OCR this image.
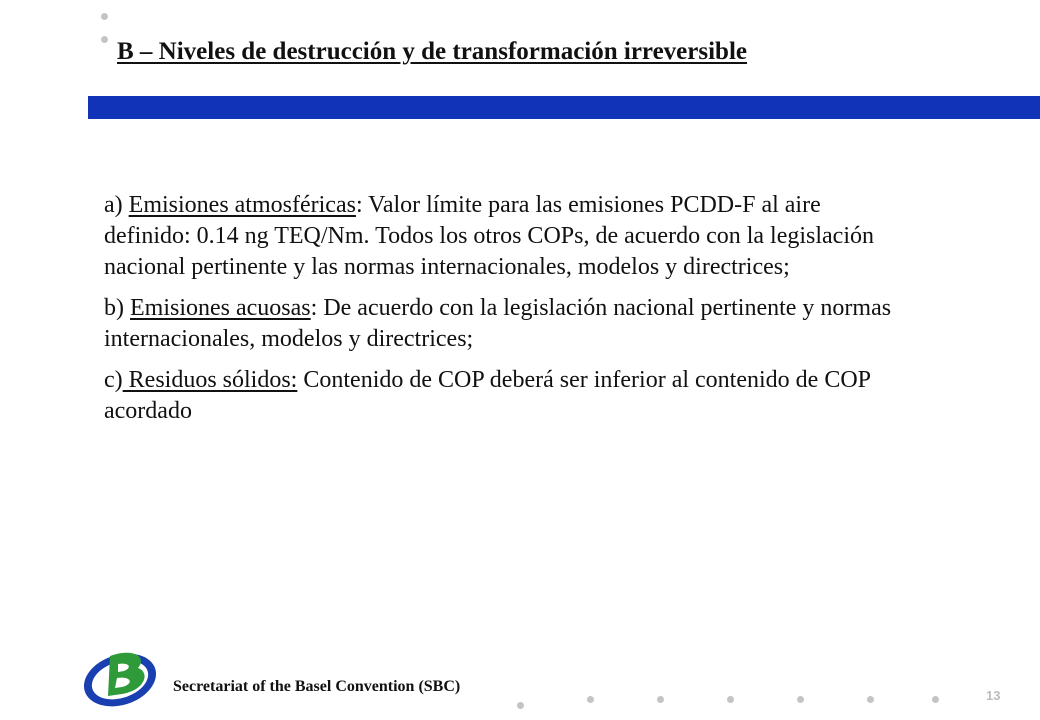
B – Niveles de destrucción y de transformación irreversible

a) Emisiones atmosféricas: Valor límite para las emisiones PCDD-F al aire definido: 0.14 ng TEQ/Nm. Todos los otros COPs, de acuerdo con la legislación nacional pertinente y las normas internacionales, modelos y directrices;

b) Emisiones acuosas: De acuerdo con la legislación nacional pertinente y normas internacionales, modelos y directrices;

c) Residuos sólidos: Contenido de COP deberá ser inferior al contenido de COP acordado

Secretariat of the Basel Convention (SBC)
13
